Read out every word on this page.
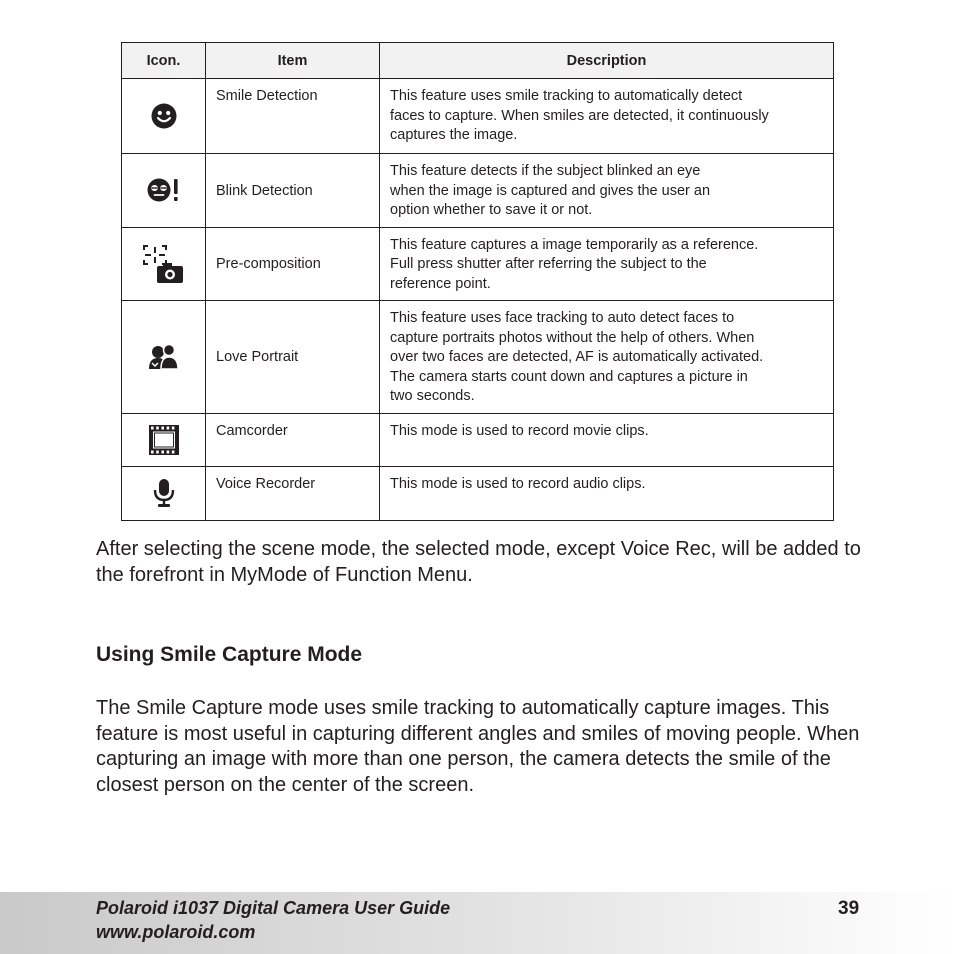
Icon.	Item	Description
	Smile Detection	This feature uses smile tracking to automatically detect
faces to capture. When smiles are detected, it continuously
captures the image.

	Blink Detection	This feature detects if the subject blinked an eye
when the image is captured and gives the user an
option whether to save it or not.

	Pre-composition	This feature captures a image temporarily as a reference.
Full press shutter after referring the subject to the
reference point.

	Love Portrait	This feature uses face tracking to auto detect faces to
capture portraits photos without the help of others. When
over two faces are detected, AF is automatically activated.
The camera starts count down and captures a picture in
two seconds.

	Camcorder	This mode is used to record movie clips.

	Voice Recorder	This mode is used to record audio clips.

After selecting the scene mode, the selected mode, except Voice Rec, will be added to the forefront in MyMode of Function Menu.

Using Smile Capture Mode

The Smile Capture mode uses smile tracking to automatically capture images. This feature is most useful in capturing different angles and smiles of moving people. When capturing an image with more than one person, the camera detects the smile of the closest person on the center of the screen.

Polaroid i1037 Digital Camera User Guide
www.polaroid.com
39
